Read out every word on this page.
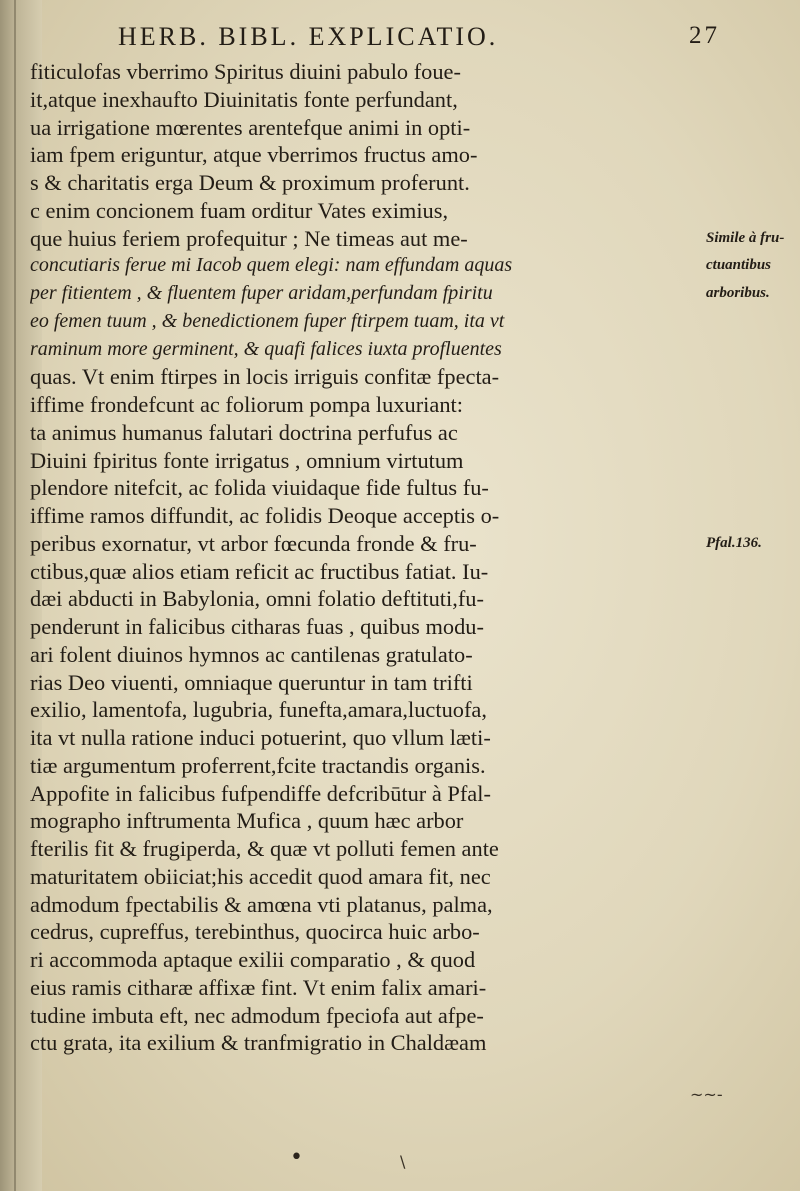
HERB. BIBL. EXPLICATIO.	27
fiticulofas vberrimo Spiritus diuini pabulo foue-
it,atque inexhaufto Diuinitatis fonte perfundant,
ua irrigatione mœrentes arentefque animi in opti-
iam fpem eriguntur, atque vberrimos fructus amo-
s & charitatis erga Deum & proximum proferunt.
c enim concionem fuam orditur Vates eximius,
que huius feriem profequitur ; Ne timeas aut me-
concutiaris ferue mi Iacob quem elegi: nam effundam aquas
per fitientem , & fluentem fuper aridam,perfundam fpiritu
eo femen tuum , & benedictionem fuper ftirpem tuam, ita vt
raminum more germinent, & quafi falices iuxta profluentes
quas. Vt enim ftirpes in locis irriguis confitæ fpecta-
iffime frondefcunt ac foliorum pompa luxuriant:
ta animus humanus falutari doctrina perfufus ac
Diuini fpiritus fonte irrigatus , omnium virtutum
plendore nitefcit, ac folida viuidaque fide fultus fu-
iffime ramos diffundit, ac folidis Deoque acceptis o-
peribus exornatur, vt arbor fœcunda fronde & fru-
ctibus,quæ alios etiam reficit ac fructibus fatiat. Iu-
dæi abducti in Babylonia, omni folatio deftituti,fu-
penderunt in falicibus citharas fuas , quibus modu-
ari folent diuinos hymnos ac cantilenas gratulato-
rias Deo viuenti, omniaque queruntur in tam trifti
exilio, lamentofa, lugubria, funefta,amara,luctuofa,
ita vt nulla ratione induci potuerint, quo vllum læti-
tiæ argumentum proferrent,fcite tractandis organis.
Appofite in falicibus fufpendiffe defcribūtur à Pfal-
mographo inftrumenta Mufica , quum hæc arbor
fterilis fit & frugiperda, & quæ vt polluti femen ante
maturitatem obiiciat;his accedit quod amara fit, nec
admodum fpectabilis & amœna vti platanus, palma,
cedrus, cupreffus, terebinthus, quocirca huic arbo-
ri accommoda aptaque exilii comparatio , & quod
eius ramis citharæ affixæ fint. Vt enim falix amari-
tudine imbuta eft, nec admodum fpeciofa aut afpe-
ctu grata, ita exilium & tranfmigratio in Chaldæam
Simile à fru-
ctuantibus
arboribus.
Pfal.136.
•	\
~~-
